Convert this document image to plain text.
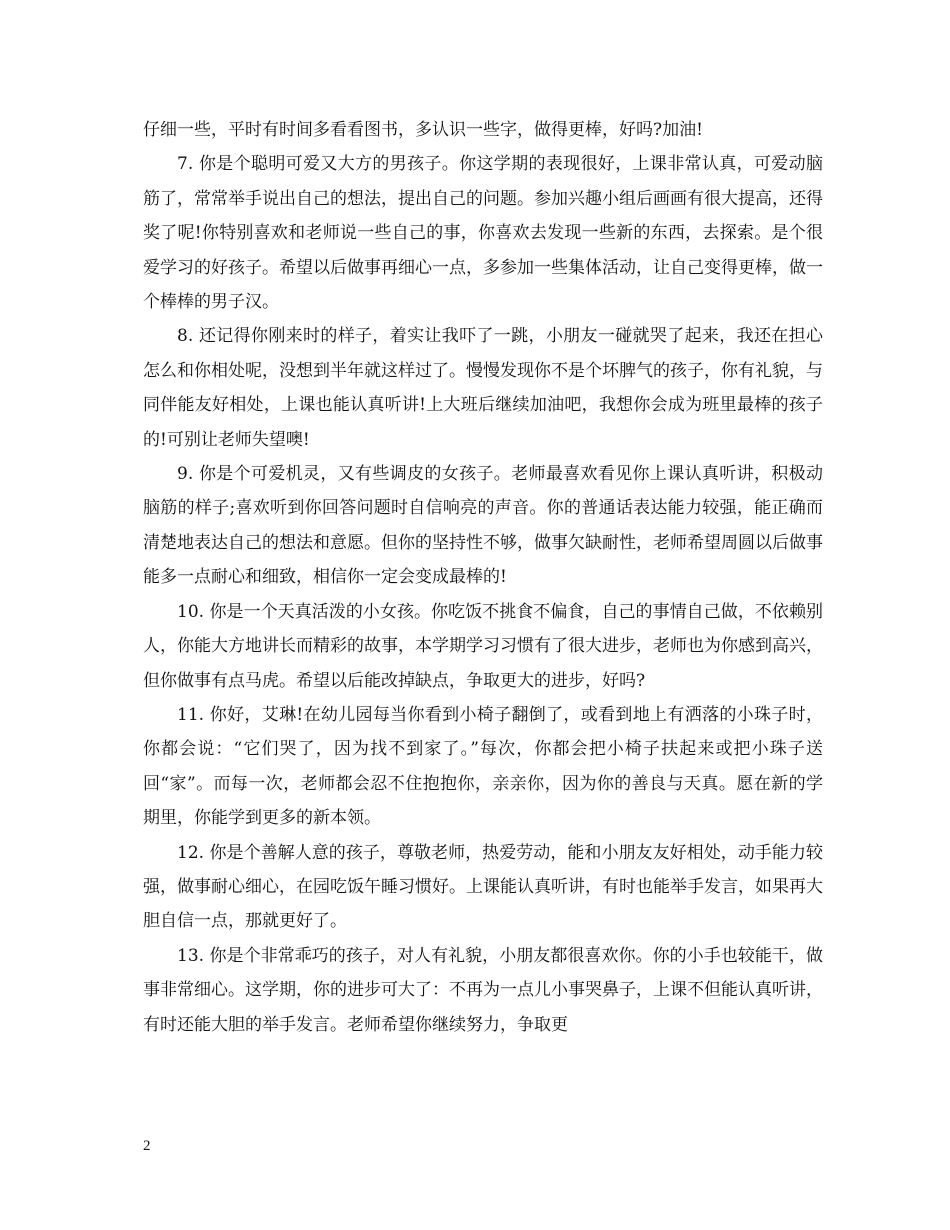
仔细一些，平时有时间多看看图书，多认识一些字，做得更棒，好吗?加油!

7. 你是个聪明可爱又大方的男孩子。你这学期的表现很好，上课非常认真，可爱动脑筋了，常常举手说出自己的想法，提出自己的问题。参加兴趣小组后画画有很大提高，还得奖了呢!你特别喜欢和老师说一些自己的事，你喜欢去发现一些新的东西，去探索。是个很爱学习的好孩子。希望以后做事再细心一点，多参加一些集体活动，让自己变得更棒，做一个棒棒的男子汉。

8. 还记得你刚来时的样子，着实让我吓了一跳，小朋友一碰就哭了起来，我还在担心怎么和你相处呢，没想到半年就这样过了。慢慢发现你不是个坏脾气的孩子，你有礼貌，与同伴能友好相处，上课也能认真听讲!上大班后继续加油吧，我想你会成为班里最棒的孩子的!可别让老师失望噢!

9. 你是个可爱机灵，又有些调皮的女孩子。老师最喜欢看见你上课认真听讲，积极动脑筋的样子;喜欢听到你回答问题时自信响亮的声音。你的普通话表达能力较强，能正确而清楚地表达自己的想法和意愿。但你的坚持性不够，做事欠缺耐性，老师希望周圆以后做事能多一点耐心和细致，相信你一定会变成最棒的!

10. 你是一个天真活泼的小女孩。你吃饭不挑食不偏食，自己的事情自己做，不依赖别人，你能大方地讲长而精彩的故事，本学期学习习惯有了很大进步，老师也为你感到高兴，但你做事有点马虎。希望以后能改掉缺点，争取更大的进步，好吗?

11. 你好，艾琳!在幼儿园每当你看到小椅子翻倒了，或看到地上有洒落的小珠子时，你都会说：“它们哭了，因为找不到家了。”每次，你都会把小椅子扶起来或把小珠子送回“家”。而每一次，老师都会忍不住抱抱你，亲亲你，因为你的善良与天真。愿在新的学期里，你能学到更多的新本领。

12. 你是个善解人意的孩子，尊敬老师，热爱劳动，能和小朋友友好相处，动手能力较强，做事耐心细心，在园吃饭午睡习惯好。上课能认真听讲，有时也能举手发言，如果再大胆自信一点，那就更好了。

13. 你是个非常乖巧的孩子，对人有礼貌，小朋友都很喜欢你。你的小手也较能干，做事非常细心。这学期，你的进步可大了：不再为一点儿小事哭鼻子，上课不但能认真听讲，有时还能大胆的举手发言。老师希望你继续努力，争取更

2
